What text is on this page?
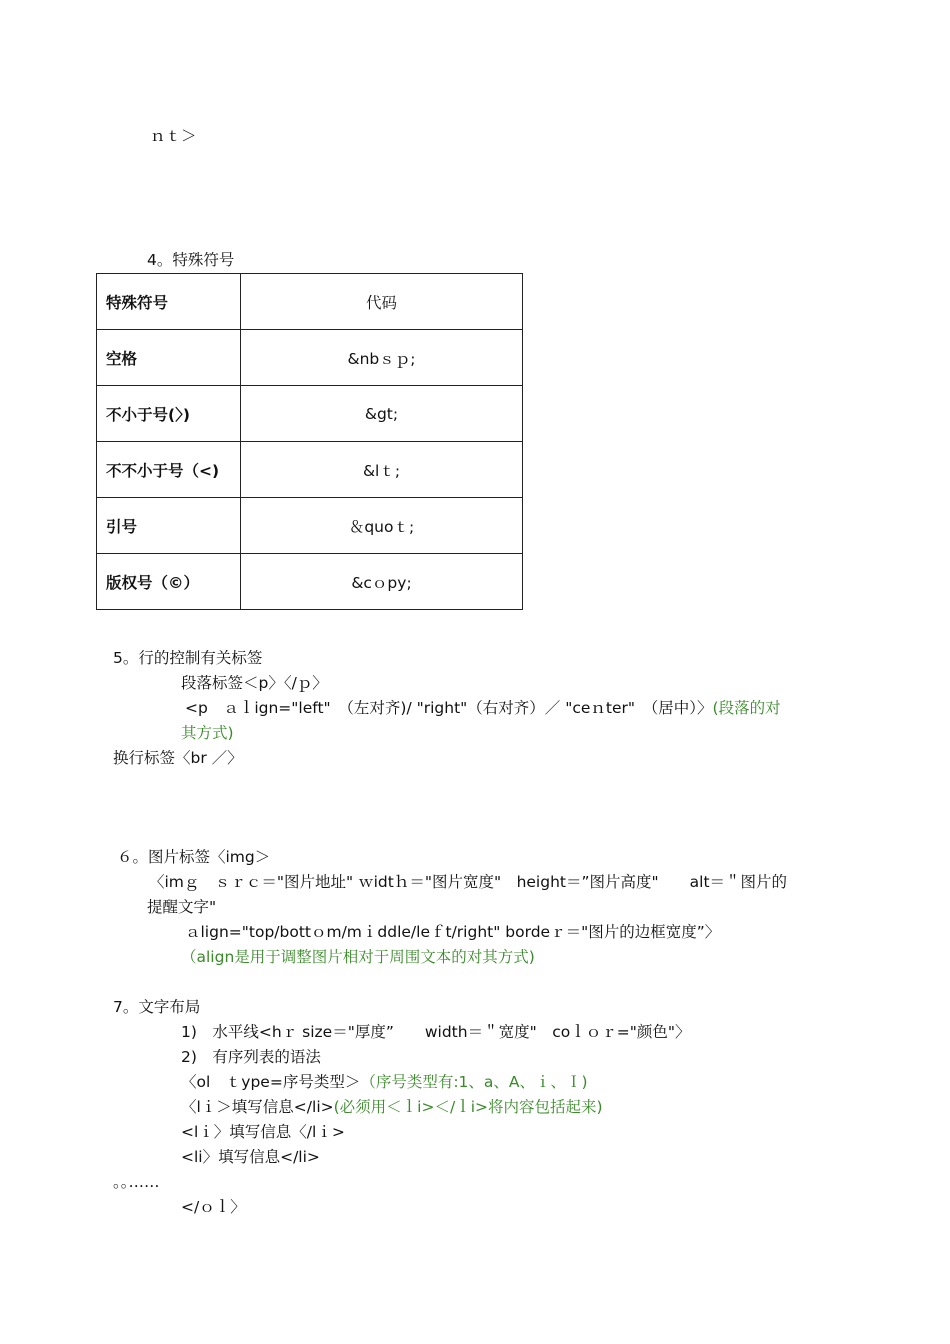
ｎｔ＞
4。特殊符号
特殊符号	代码
空格	&nbｓｐ;
不小于号(〉)	&gt;
不不小于号（<)	&lｔ;
引号	＆quoｔ;
版权号（©）	&cｏpy;
5。行的控制有关标签
段落标签＜p〉〈/ｐ〉
<p　ａｌign="left"　（左对齐)/ "right"（右对齐）／ "ceｎter"　（居中）〉(段落的对
其方式)
换行标签〈br ／〉
６。图片标签〈img＞
〈imｇ　ｓｒｃ＝"图片地址" ｗidtｈ＝"图片宽度"　height＝”图片高度"　　alt＝＂图片的
提醒文字"
ａlign="top/bottｏm/mｉddle/leｆt/right" bordeｒ＝"图片的边框宽度”〉
（align是用于调整图片相对于周围文本的对其方式)
7。文字布局
1)　水平线<hｒ size＝"厚度”　　width＝＂宽度"　coｌｏｒ="颜色"〉
2)　有序列表的语法
〈ol　ｔype=序号类型＞（序号类型有:1、a、A、ｉ、Ｉ)
〈lｉ＞填写信息</li>(必须用＜ｌi>＜/ｌi>将内容包括起来)
<lｉ〉填写信息〈/lｉ>
<li〉填写信息</li>
｡｡……
</ｏｌ〉
